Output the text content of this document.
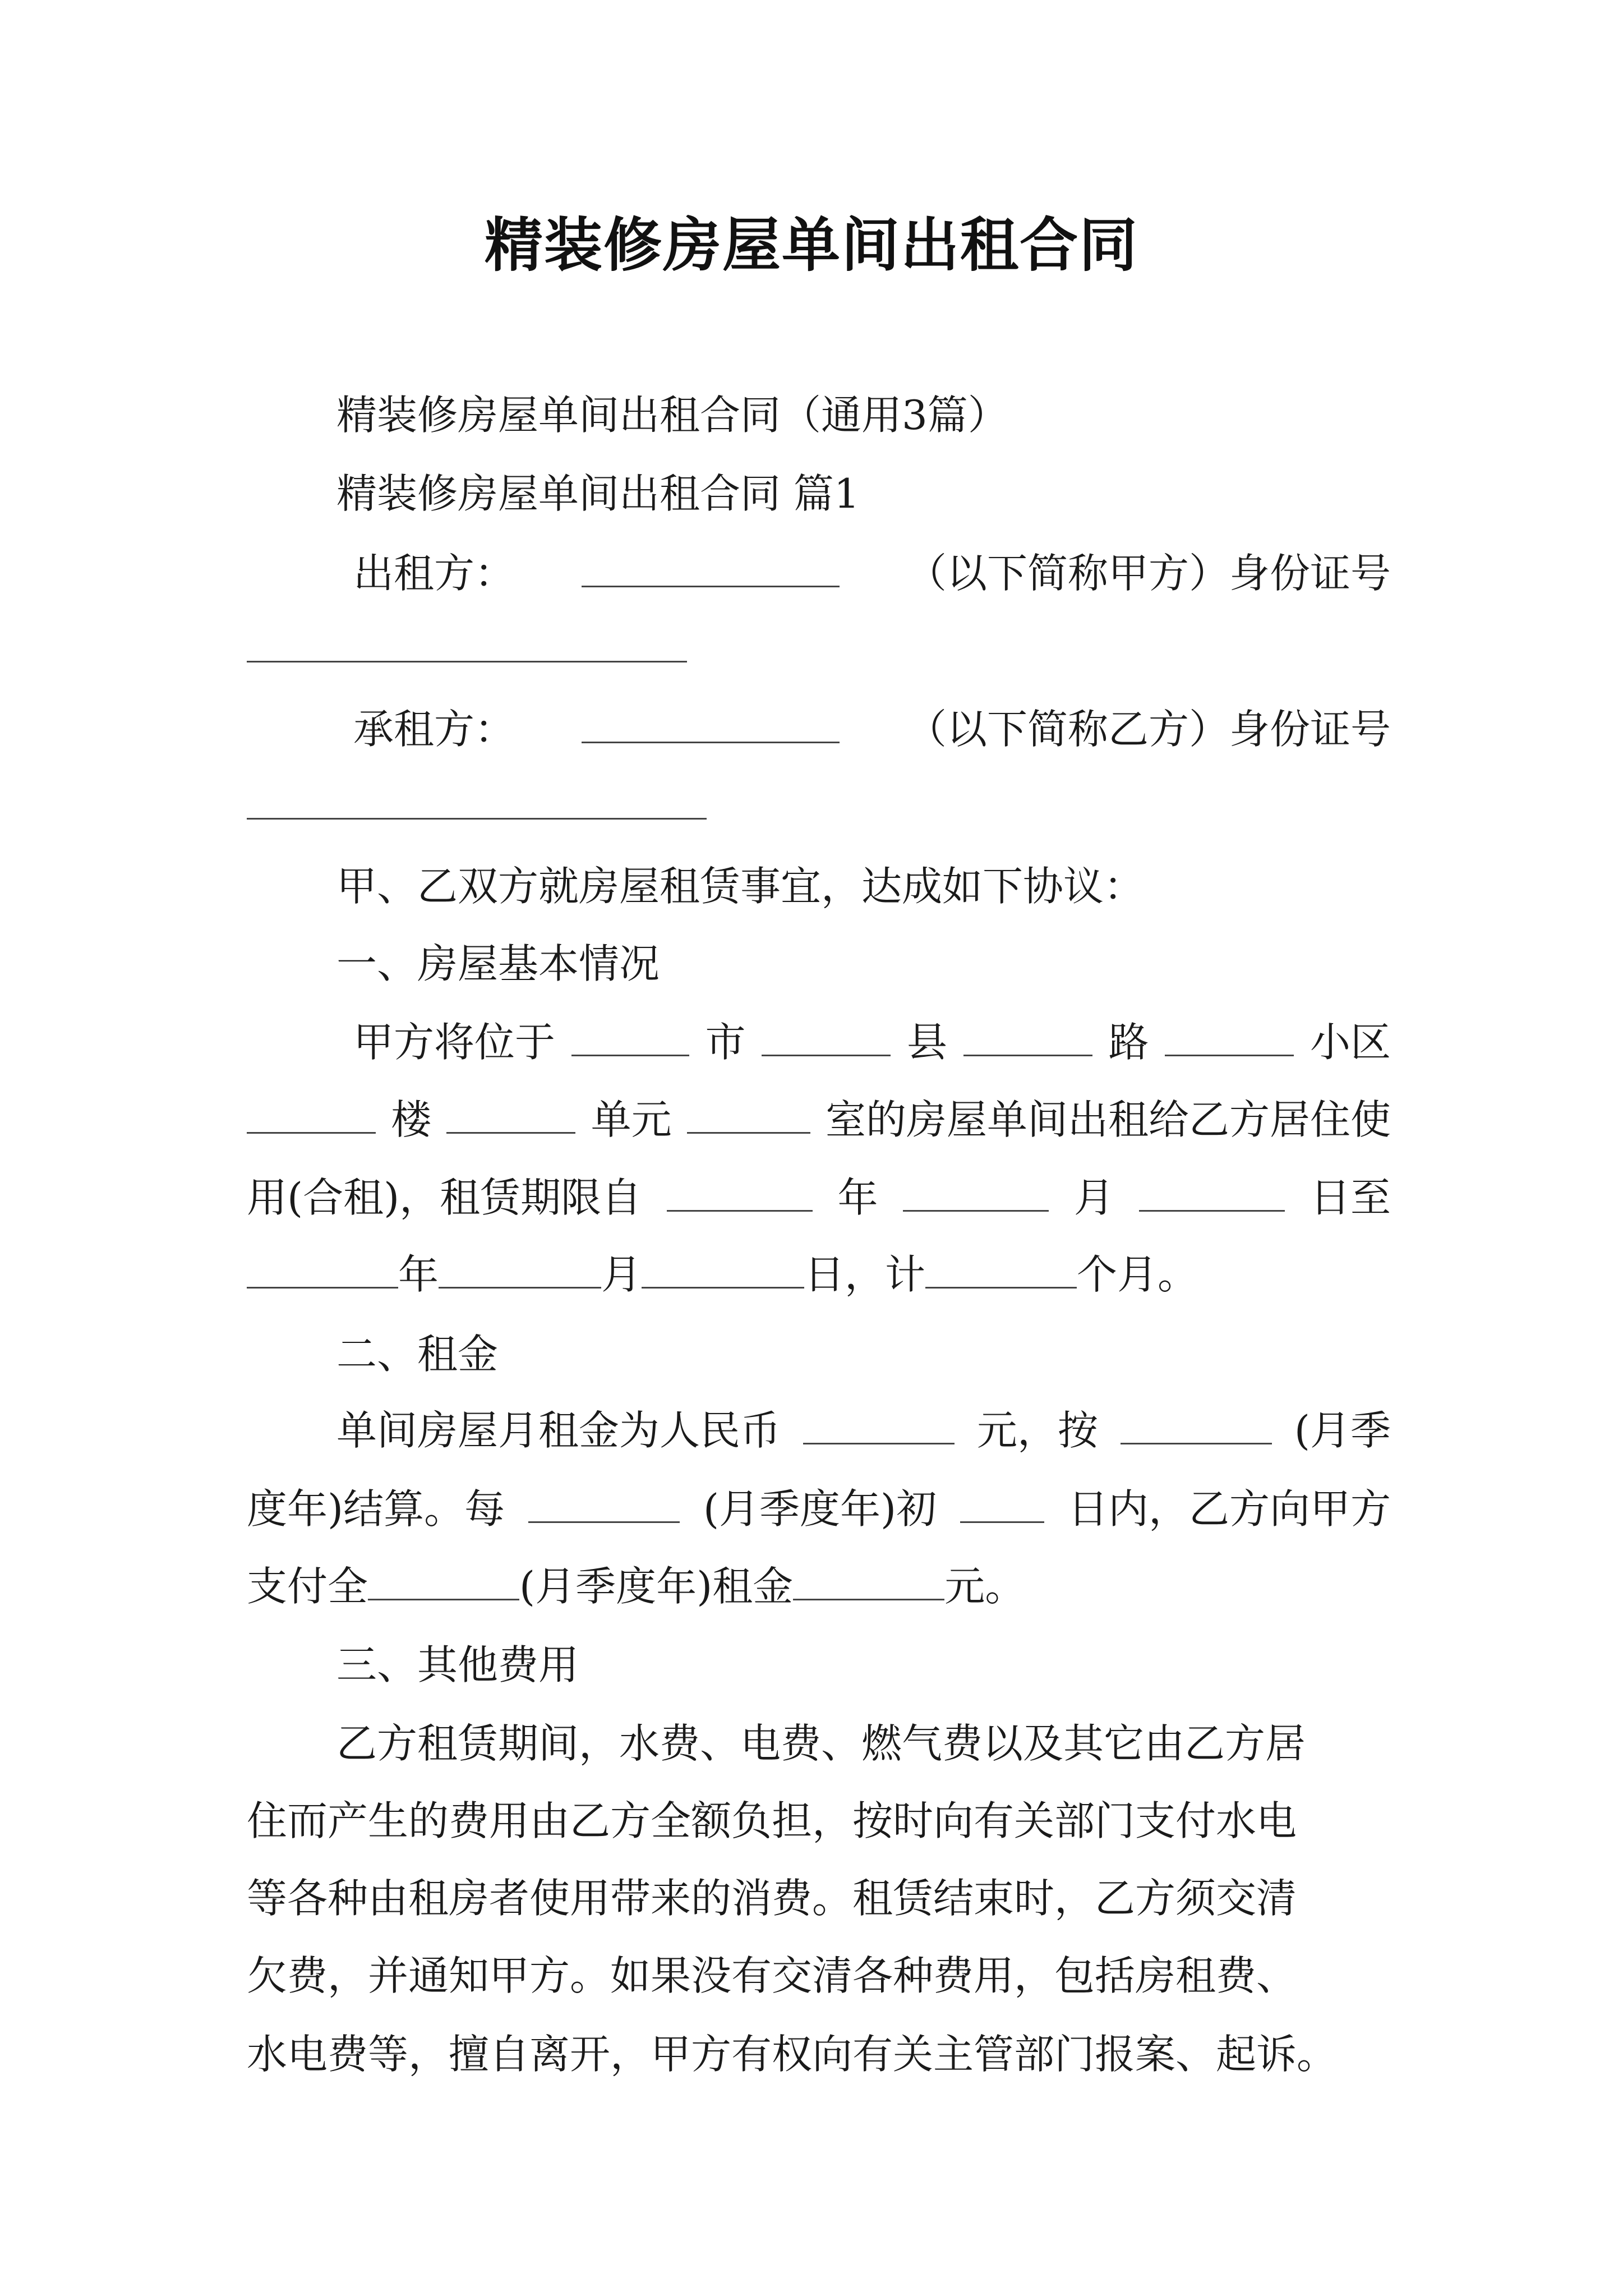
精装修房屋单间出租合同
精装修房屋单间出租合同（通用3篇）
精装修房屋单间出租合同 篇1
出租方：	（以下简称甲方）身份证号
承租方：	（以下简称乙方）身份证号
甲、乙双方就房屋租赁事宜，达成如下协议：
一、房屋基本情况
甲方将位于	市	县	路	小区
楼	单元	室的房屋单间出租给乙方居住使
用(合租)，租赁期限自	年	月	日至
年	月	日，计	个月。
二、租金
单间房屋月租金为人民币	元，按	(月季
度年)结算。每	(月季度年)初	日内，乙方向甲方
支付全	(月季度年)租金	元。
三、其他费用
乙方租赁期间，水费、电费、燃气费以及其它由乙方居
住而产生的费用由乙方全额负担，按时向有关部门支付水电
等各种由租房者使用带来的消费。租赁结束时，乙方须交清
欠费，并通知甲方。如果没有交清各种费用，包括房租费、
水电费等，擅自离开，甲方有权向有关主管部门报案、起诉。
